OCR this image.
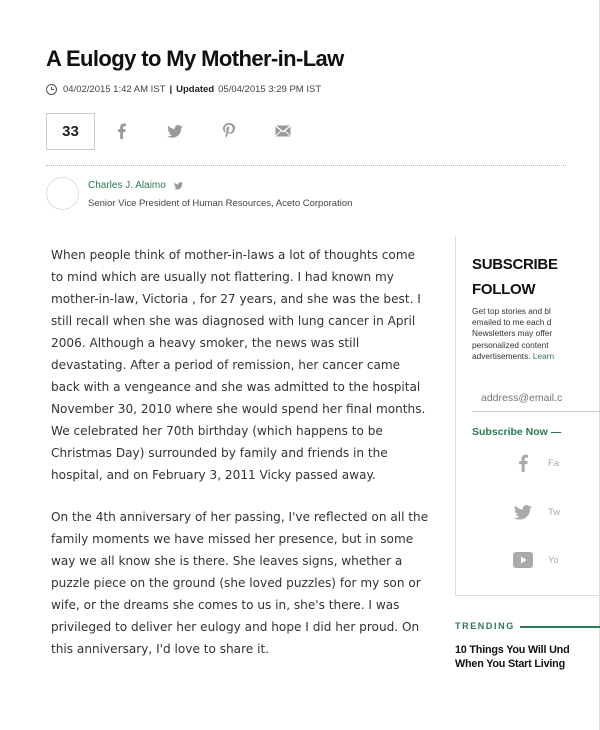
A Eulogy to My Mother-in-Law
04/02/2015 1:42 AM IST | Updated 05/04/2015 3:29 PM IST
33
Charles J. Alaimo
Senior Vice President of Human Resources, Aceto Corporation

When people think of mother-in-laws a lot of thoughts come to mind which are usually not flattering. I had known my mother-in-law, Victoria , for 27 years, and she was the best. I still recall when she was diagnosed with lung cancer in April 2006. Although a heavy smoker, the news was still devastating. After a period of remission, her cancer came back with a vengeance and she was admitted to the hospital November 30, 2010 where she would spend her final months. We celebrated her 70th birthday (which happens to be Christmas Day) surrounded by family and friends in the hospital, and on February 3, 2011 Vicky passed away.

On the 4th anniversary of her passing, I've reflected on all the family moments we have missed her presence, but in some way we all know she is there. She leaves signs, whether a puzzle piece on the ground (she loved puzzles) for my son or wife, or the dreams she comes to us in, she's there. I was privileged to deliver her eulogy and hope I did her proud. On this anniversary, I'd love to share it.

SUBSCRIBE
FOLLOW
Get top stories and bl
emailed to me each d
Newsletters may offer
personalized content
advertisements. Learn
address@email.c
Subscribe Now —
Fa
Tw
Yo
TRENDING
10 Things You Will Und
When You Start Living
